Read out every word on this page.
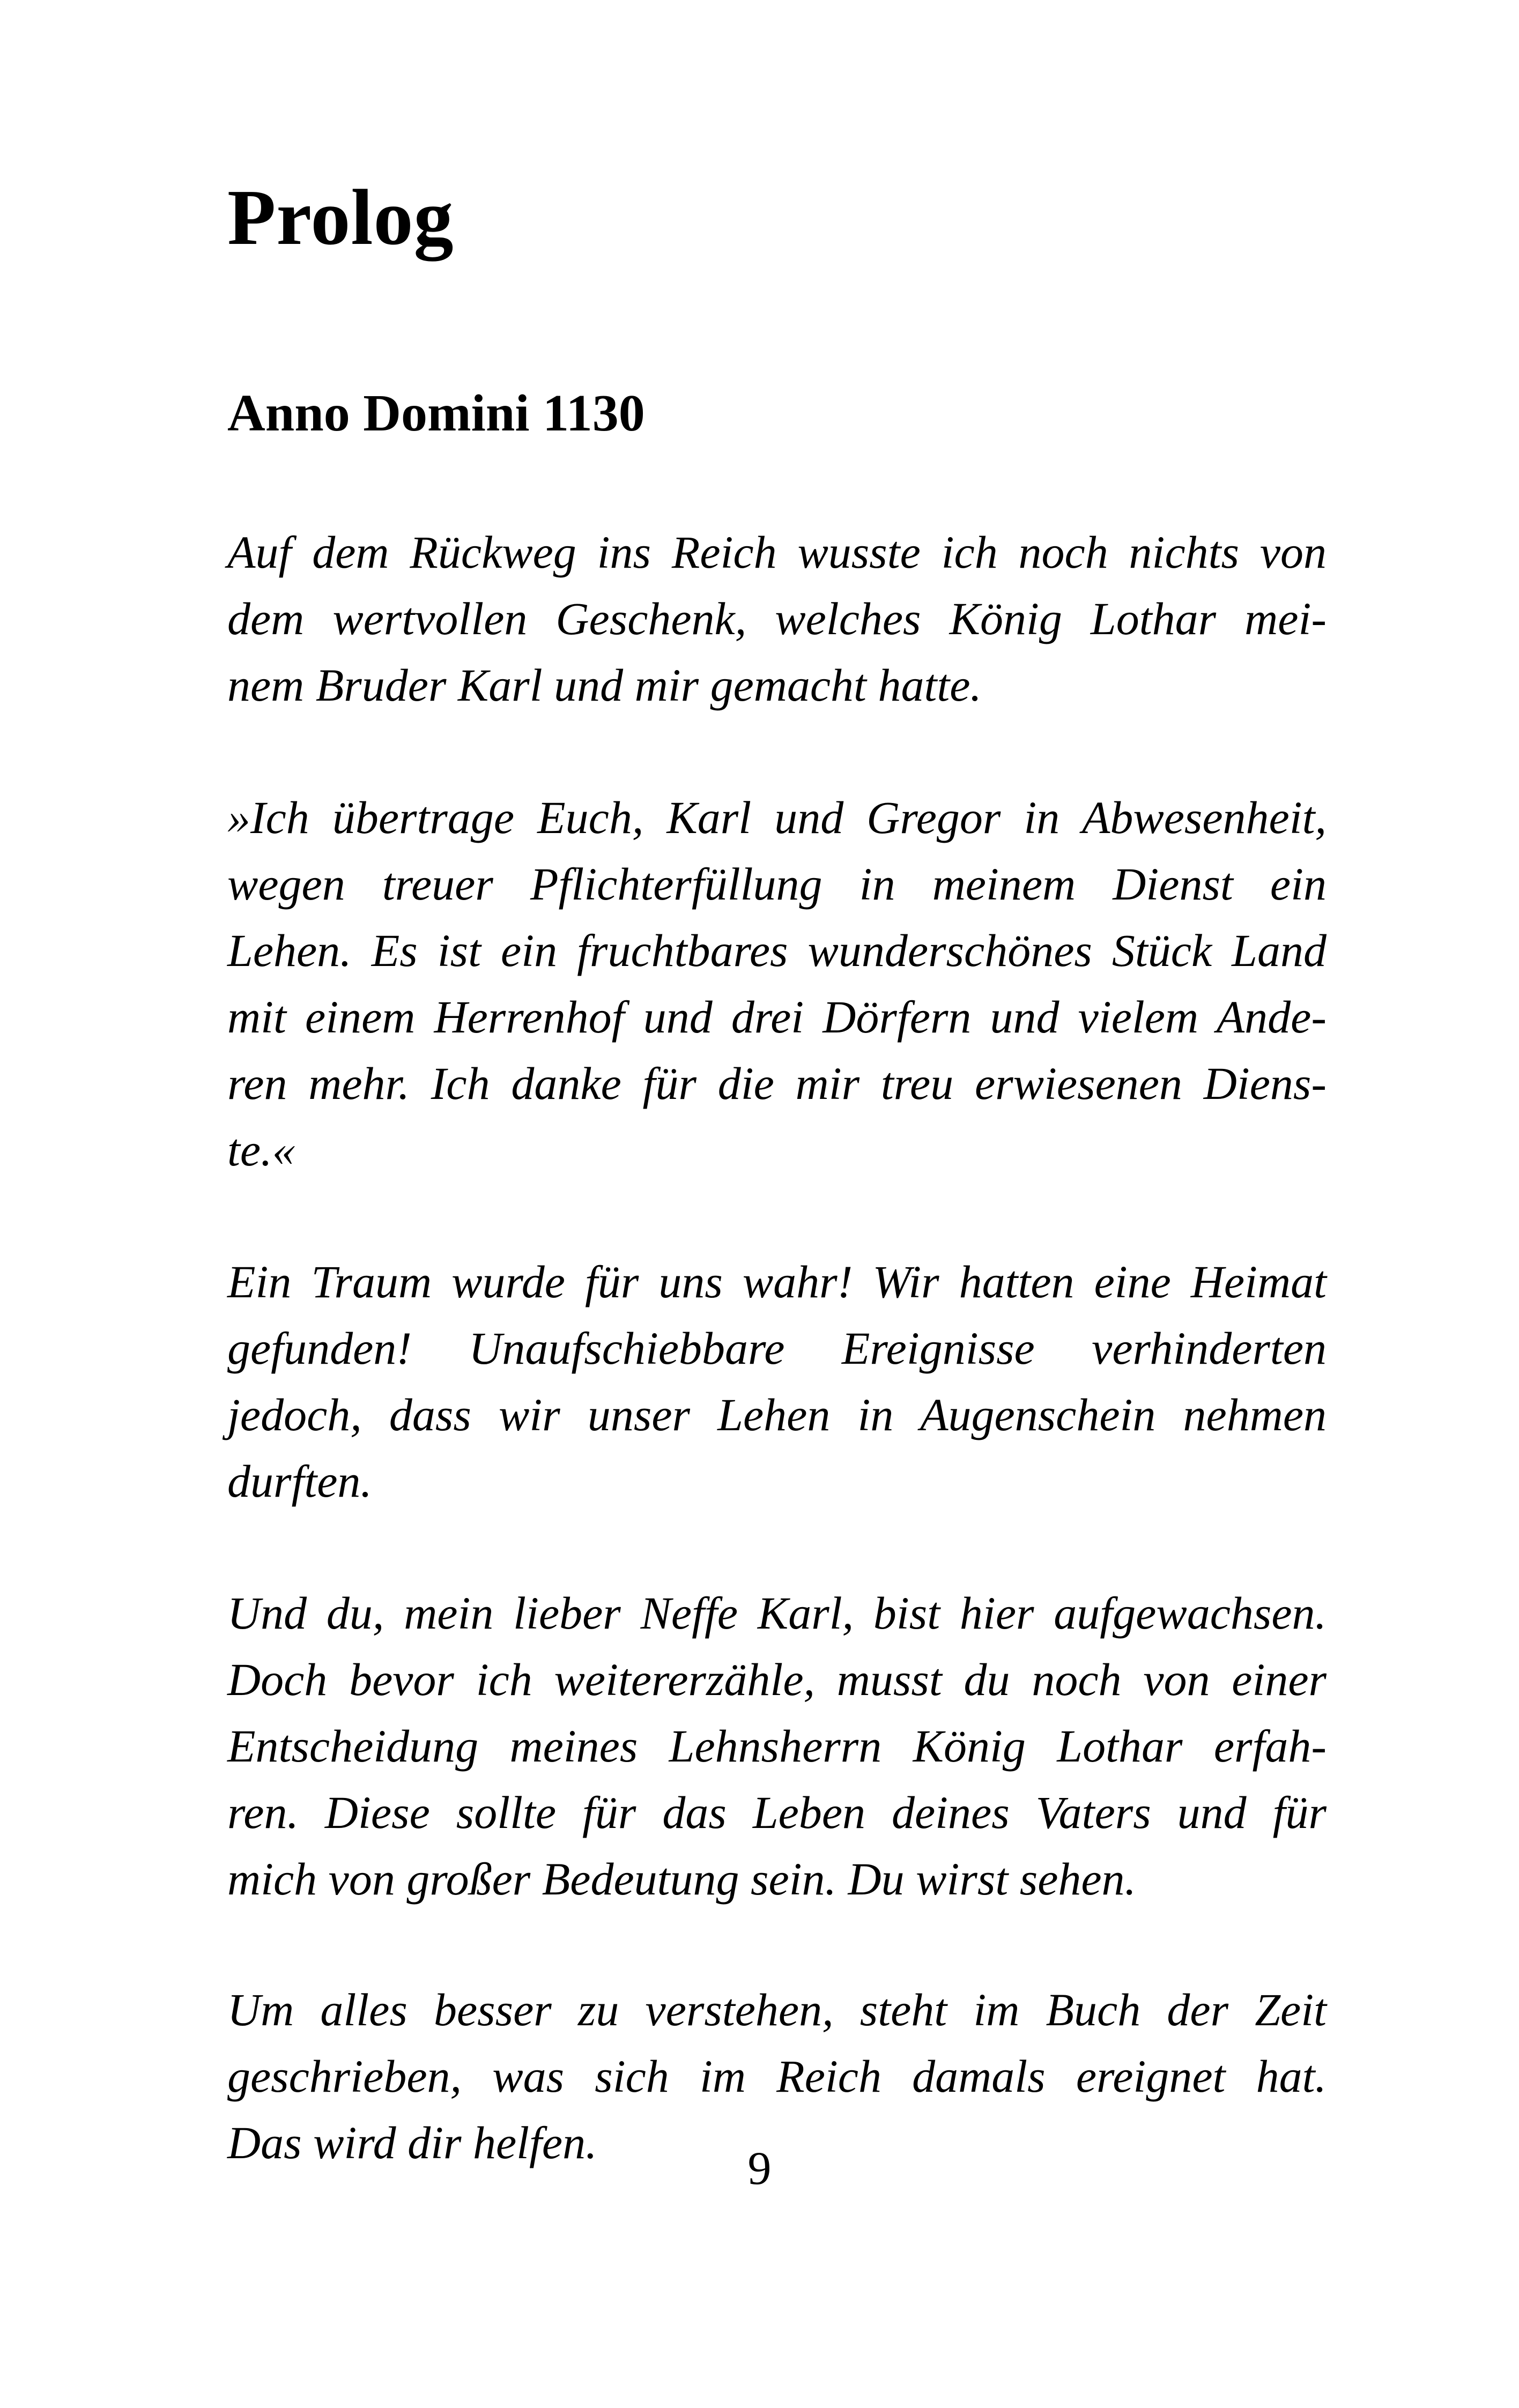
Prolog
Anno Domini 1130
Auf dem Rückweg ins Reich wusste ich noch nichts von
dem wertvollen Geschenk, welches König Lothar mei-
nem Bruder Karl und mir gemacht hatte.
»Ich übertrage Euch, Karl und Gregor in Abwesenheit,
wegen treuer Pflichterfüllung in meinem Dienst ein
Lehen. Es ist ein fruchtbares wunderschönes Stück Land
mit einem Herrenhof und drei Dörfern und vielem Ande-
ren mehr. Ich danke für die mir treu erwiesenen Diens-
te.«
Ein Traum wurde für uns wahr! Wir hatten eine Heimat
gefunden! Unaufschiebbare Ereignisse verhinderten
jedoch, dass wir unser Lehen in Augenschein nehmen
durften.
Und du, mein lieber Neffe Karl, bist hier aufgewachsen.
Doch bevor ich weitererzähle, musst du noch von einer
Entscheidung meines Lehnsherrn König Lothar erfah-
ren. Diese sollte für das Leben deines Vaters und für
mich von großer Bedeutung sein. Du wirst sehen.
Um alles besser zu verstehen, steht im Buch der Zeit
geschrieben, was sich im Reich damals ereignet hat.
Das wird dir helfen.	9
